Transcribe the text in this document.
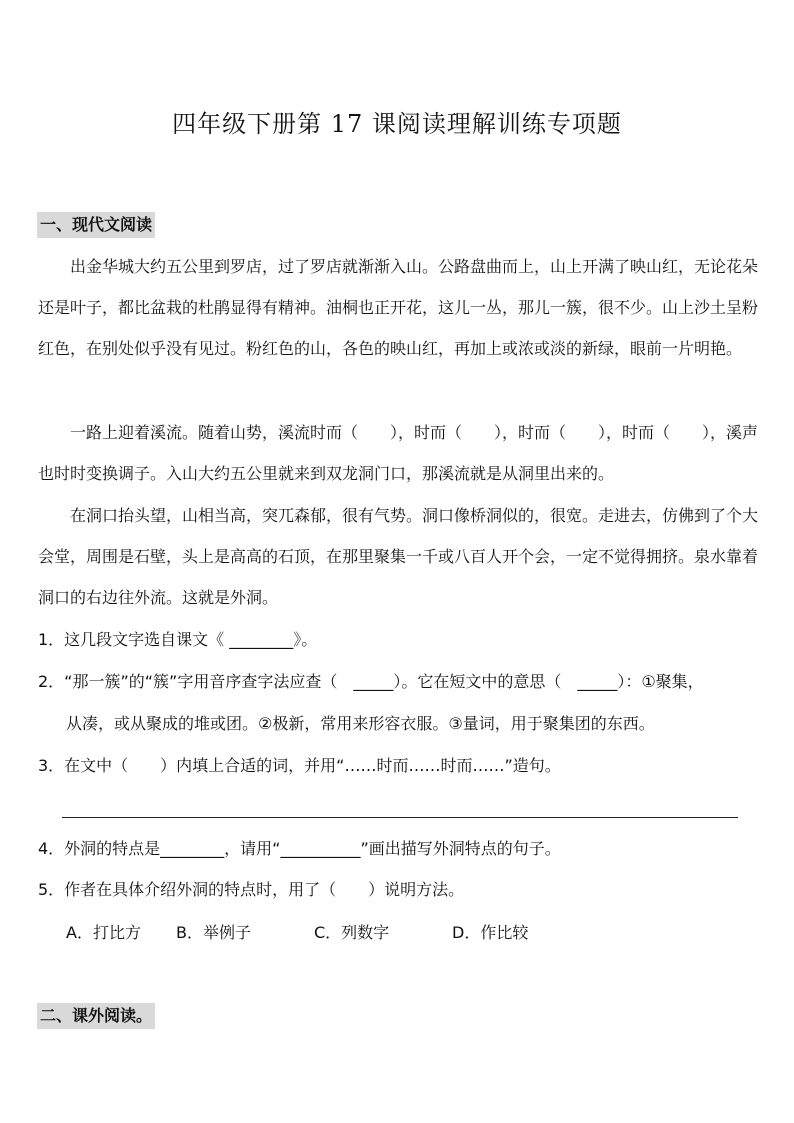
四年级下册第 17 课阅读理解训练专项题
一、现代文阅读
出金华城大约五公里到罗店，过了罗店就渐渐入山。公路盘曲而上，山上开满了映山红，无论花朵还是叶子，都比盆栽的杜鹃显得有精神。油桐也正开花，这儿一丛，那儿一簇，很不少。山上沙土呈粉红色，在别处似乎没有见过。粉红色的山，各色的映山红，再加上或浓或淡的新绿，眼前一片明艳。
一路上迎着溪流。随着山势，溪流时而（　　），时而（　　），时而（　　），时而（　　），溪声也时时变换调子。入山大约五公里就来到双龙洞门口，那溪流就是从洞里出来的。
在洞口抬头望，山相当高，突兀森郁，很有气势。洞口像桥洞似的，很宽。走进去，仿佛到了个大会堂，周围是石壁，头上是高高的石顶，在那里聚集一千或八百人开个会，一定不觉得拥挤。泉水靠着洞口的右边往外流。这就是外洞。
1．这几段文字选自课文《 ________》。
2．“那一簇”的“簇”字用音序查字法应查（　_____）。它在短文中的意思（　_____）：①聚集，
从凑，或从聚成的堆或团。②极新，常用来形容衣服。③量词，用于聚集团的东西。
3．在文中（　　）内填上合适的词，并用“……时而……时而……”造句。
4．外洞的特点是________，请用“__________”画出描写外洞特点的句子。
5．作者在具体介绍外洞的特点时，用了（　　）说明方法。
A．打比方 B．举例子	C．列数字	D．作比较
二、课外阅读。
